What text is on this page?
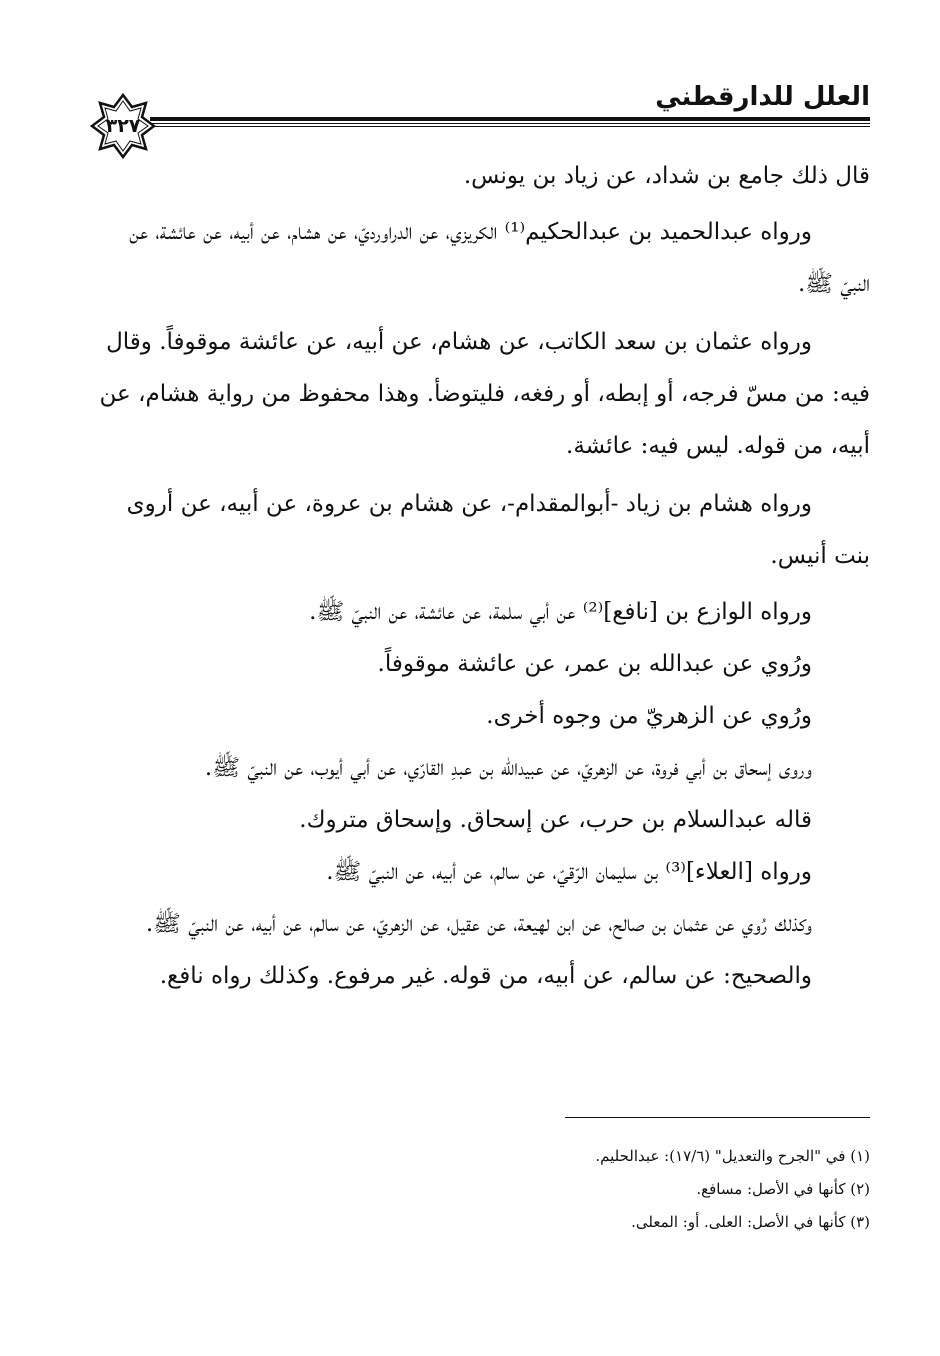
العلل للدارقطني
٣٢٧

قال ذلك جامع بن شداد، عن زياد بن يونس.

ورواه عبدالحميد بن عبدالحكيم⁽¹⁾ الكريزي، عن الدراورديّ، عن هشام، عن أبيه، عن عائشة، عن النبيّ ﷺ.

ورواه عثمان بن سعد الكاتب، عن هشام، عن أبيه، عن عائشة موقوفاً. وقال فيه: من مسّ فرجه، أو إبطه، أو رفغه، فليتوضأ. وهذا محفوظ من رواية هشام، عن أبيه، من قوله. ليس فيه: عائشة.

ورواه هشام بن زياد -أبوالمقدام-، عن هشام بن عروة، عن أبيه، عن أروى بنت أنيس.

ورواه الوازع بن [نافع]⁽²⁾ عن أبي سلمة، عن عائشة، عن النبيّ ﷺ.

ورُوي عن عبدالله بن عمر، عن عائشة موقوفاً.

ورُوي عن الزهريّ من وجوه أخرى.

وروى إسحاق بن أبي فروة، عن الزهريّ، عن عبيدالله بن عبدِ القارّي، عن أبي أيوب، عن النبيّ ﷺ.

قاله عبدالسلام بن حرب، عن إسحاق. وإسحاق متروك.

ورواه [العلاء]⁽³⁾ بن سليمان الرّقيّ، عن سالم، عن أبيه، عن النبيّ ﷺ.

وكذلك رُوي عن عثمان بن صالح، عن ابن لهيعة، عن عقيل، عن الزهريّ، عن سالم، عن أبيه، عن النبيّ ﷺ.

والصحيح: عن سالم، عن أبيه، من قوله. غير مرفوع. وكذلك رواه نافع.

(١) في "الجرح والتعديل" (١٧/٦): عبدالحليم.

(٢) كأنها في الأصل: مسافع.

(٣) كأنها في الأصل: العلى. أو: المعلى.
